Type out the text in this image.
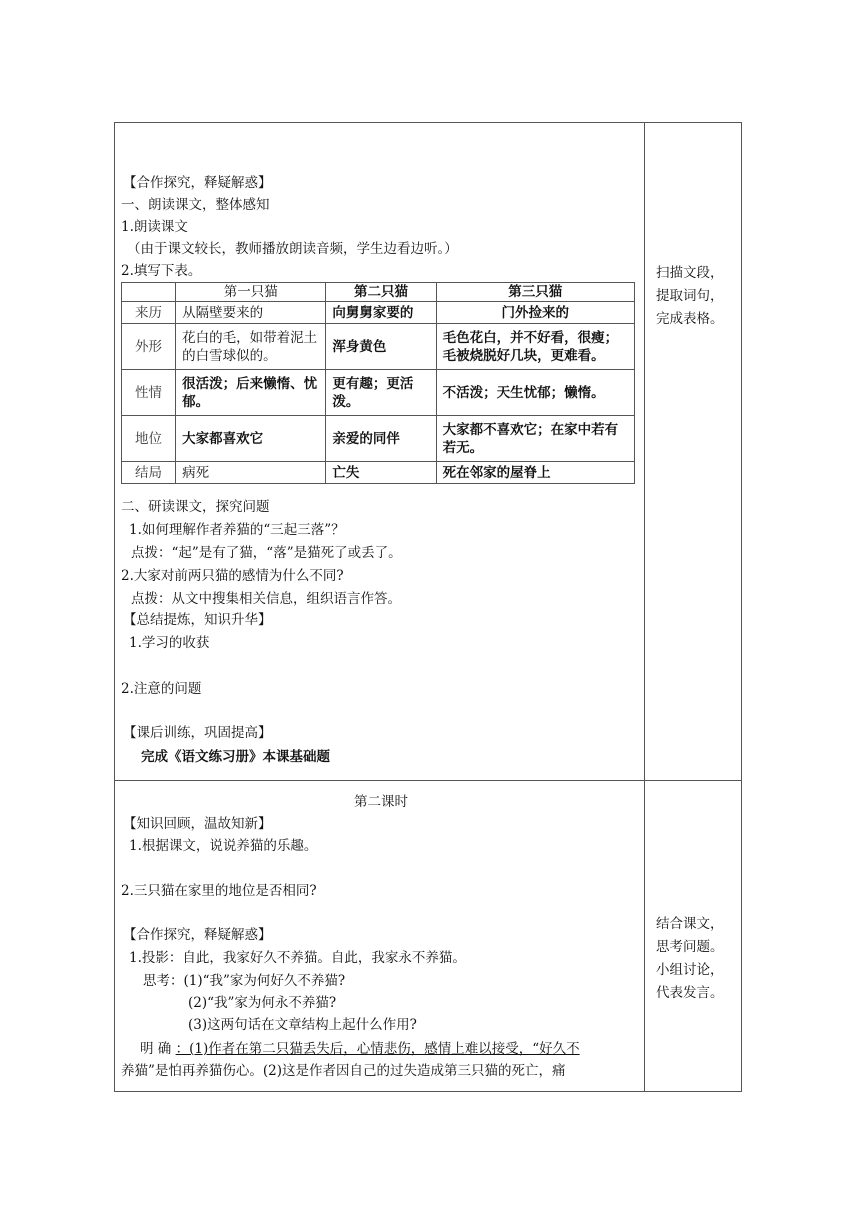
【合作探究，释疑解惑】
一、朗读课文，整体感知
1.朗读课文
（由于课文较长，教师播放朗读音频，学生边看边听。）
2.填写下表。
	第一只猫	第二只猫	第三只猫
来历	从隔壁要来的	向舅舅家要的	门外捡来的
外形	花白的毛，如带着泥土的白雪球似的。	浑身黄色	毛色花白，并不好看，很瘦；毛被烧脱好几块，更难看。
性情	很活泼；后来懒惰、忧郁。	更有趣；更活泼。	不活泼；天生忧郁；懒惰。
地位	大家都喜欢它	亲爱的同伴	大家都不喜欢它；在家中若有若无。
结局	病死	亡失	死在邻家的屋脊上
二、研读课文，探究问题
1.如何理解作者养猫的“三起三落”？
点拨：“起”是有了猫，“落”是猫死了或丢了。
2.大家对前两只猫的感情为什么不同?
点拨：从文中搜集相关信息，组织语言作答。
【总结提炼，知识升华】
1.学习的收获
2.注意的问题
【课后训练，巩固提高】
完成《语文练习册》本课基础题
扫描文段，
提取词句，
完成表格。
第二课时
【知识回顾，温故知新】
1.根据课文，说说养猫的乐趣。
2.三只猫在家里的地位是否相同?
【合作探究，释疑解惑】
1.投影：自此，我家好久不养猫。自此，我家永不养猫。
思考：(1)“我”家为何好久不养猫?
(2)“我”家为何永不养猫?
(3)这两句话在文章结构上起什么作用?
明 确 ：(1)作者在第二只猫丢失后，心情悲伤，感情上难以接受，“好久不
养猫”是怕再养猫伤心。(2)这是作者因自己的过失造成第三只猫的死亡，痛
结合课文，
思考问题。
小组讨论，
代表发言。
